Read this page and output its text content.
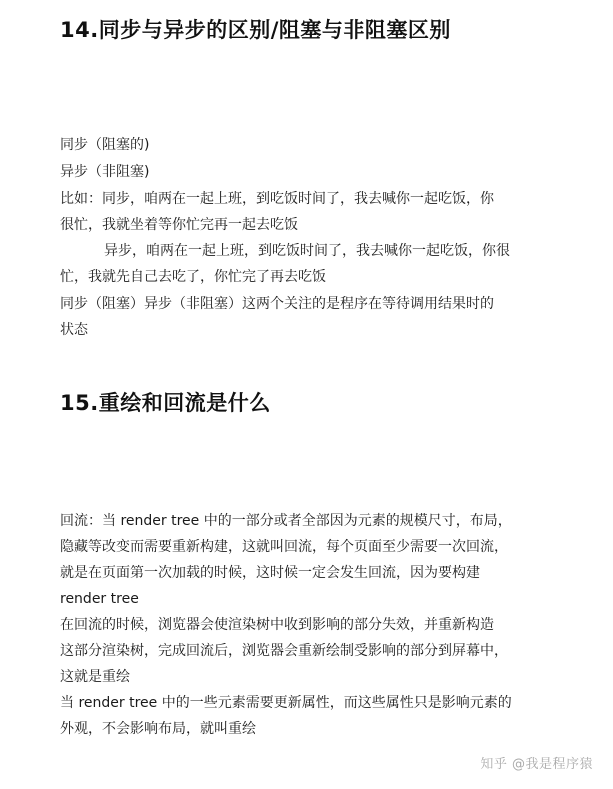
14.同步与异步的区别/阻塞与非阻塞区别

同步（阻塞的)

异步（非阻塞)

比如：同步，咱两在一起上班，到吃饭时间了，我去喊你一起吃饭，你

很忙，我就坐着等你忙完再一起去吃饭

异步，咱两在一起上班，到吃饭时间了，我去喊你一起吃饭，你很

忙，我就先自己去吃了，你忙完了再去吃饭

同步（阻塞）异步（非阻塞）这两个关注的是程序在等待调用结果时的

状态

15.重绘和回流是什么

回流：当 render tree 中的一部分或者全部因为元素的规模尺寸，布局，

隐藏等改变而需要重新构建，这就叫回流，每个页面至少需要一次回流，

就是在页面第一次加载的时候，这时候一定会发生回流，因为要构建

render tree

在回流的时候，浏览器会使渲染树中收到影响的部分失效，并重新构造

这部分渲染树，完成回流后，浏览器会重新绘制受影响的部分到屏幕中，

这就是重绘

当 render tree 中的一些元素需要更新属性，而这些属性只是影响元素的

外观，不会影响布局，就叫重绘

知乎 @我是程序猿
